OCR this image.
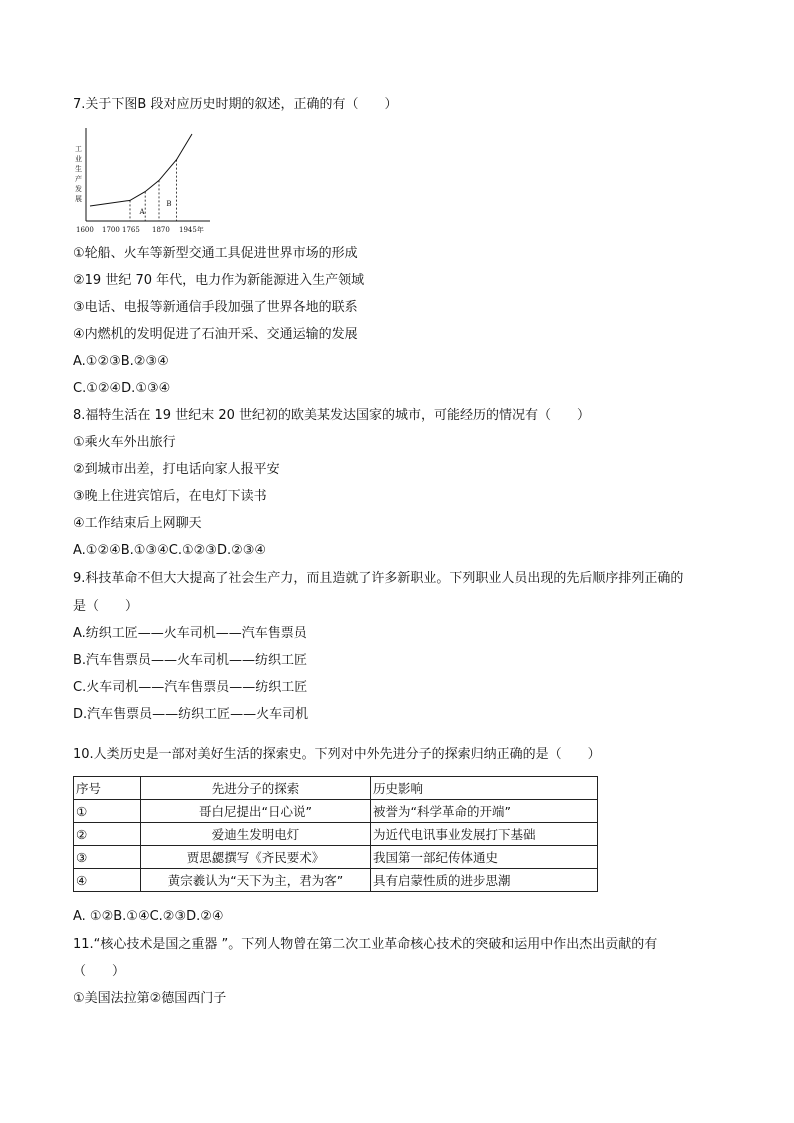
7.关于下图B 段对应历史时期的叙述，正确的有（　　）
工
业
生
产
发
展
A
B
1600 1700 1765 1870 1945年
①轮船、火车等新型交通工具促进世界市场的形成
②19 世纪 70 年代，电力作为新能源进入生产领域
③电话、电报等新通信手段加强了世界各地的联系
④内燃机的发明促进了石油开采、交通运输的发展
A.①②③B.②③④
C.①②④D.①③④
8.福特生活在 19 世纪末 20 世纪初的欧美某发达国家的城市，可能经历的情况有（　　）
①乘火车外出旅行
②到城市出差，打电话向家人报平安
③晚上住进宾馆后，在电灯下读书
④工作结束后上网聊天
A.①②④B.①③④C.①②③D.②③④
9.科技革命不但大大提高了社会生产力，而且造就了许多新职业。下列职业人员出现的先后顺序排列正确的
是（　　）
A.纺织工匠——火车司机——汽车售票员
B.汽车售票员——火车司机——纺织工匠
C.火车司机——汽车售票员——纺织工匠
D.汽车售票员——纺织工匠——火车司机
10.人类历史是一部对美好生活的探索史。下列对中外先进分子的探索归纳正确的是（　　）
序号	先进分子的探索	历史影响
①	哥白尼提出“日心说”	被誉为“科学革命的开端”
②	爱迪生发明电灯	为近代电讯事业发展打下基础
③	贾思勰撰写《齐民要术》	我国第一部纪传体通史
④	黄宗羲认为“天下为主，君为客”	具有启蒙性质的进步思潮
A. ①②B.①④C.②③D.②④
11.“核心技术是国之重器 ”。下列人物曾在第二次工业革命核心技术的突破和运用中作出杰出贡献的有
（　　）
①美国法拉第②德国西门子
